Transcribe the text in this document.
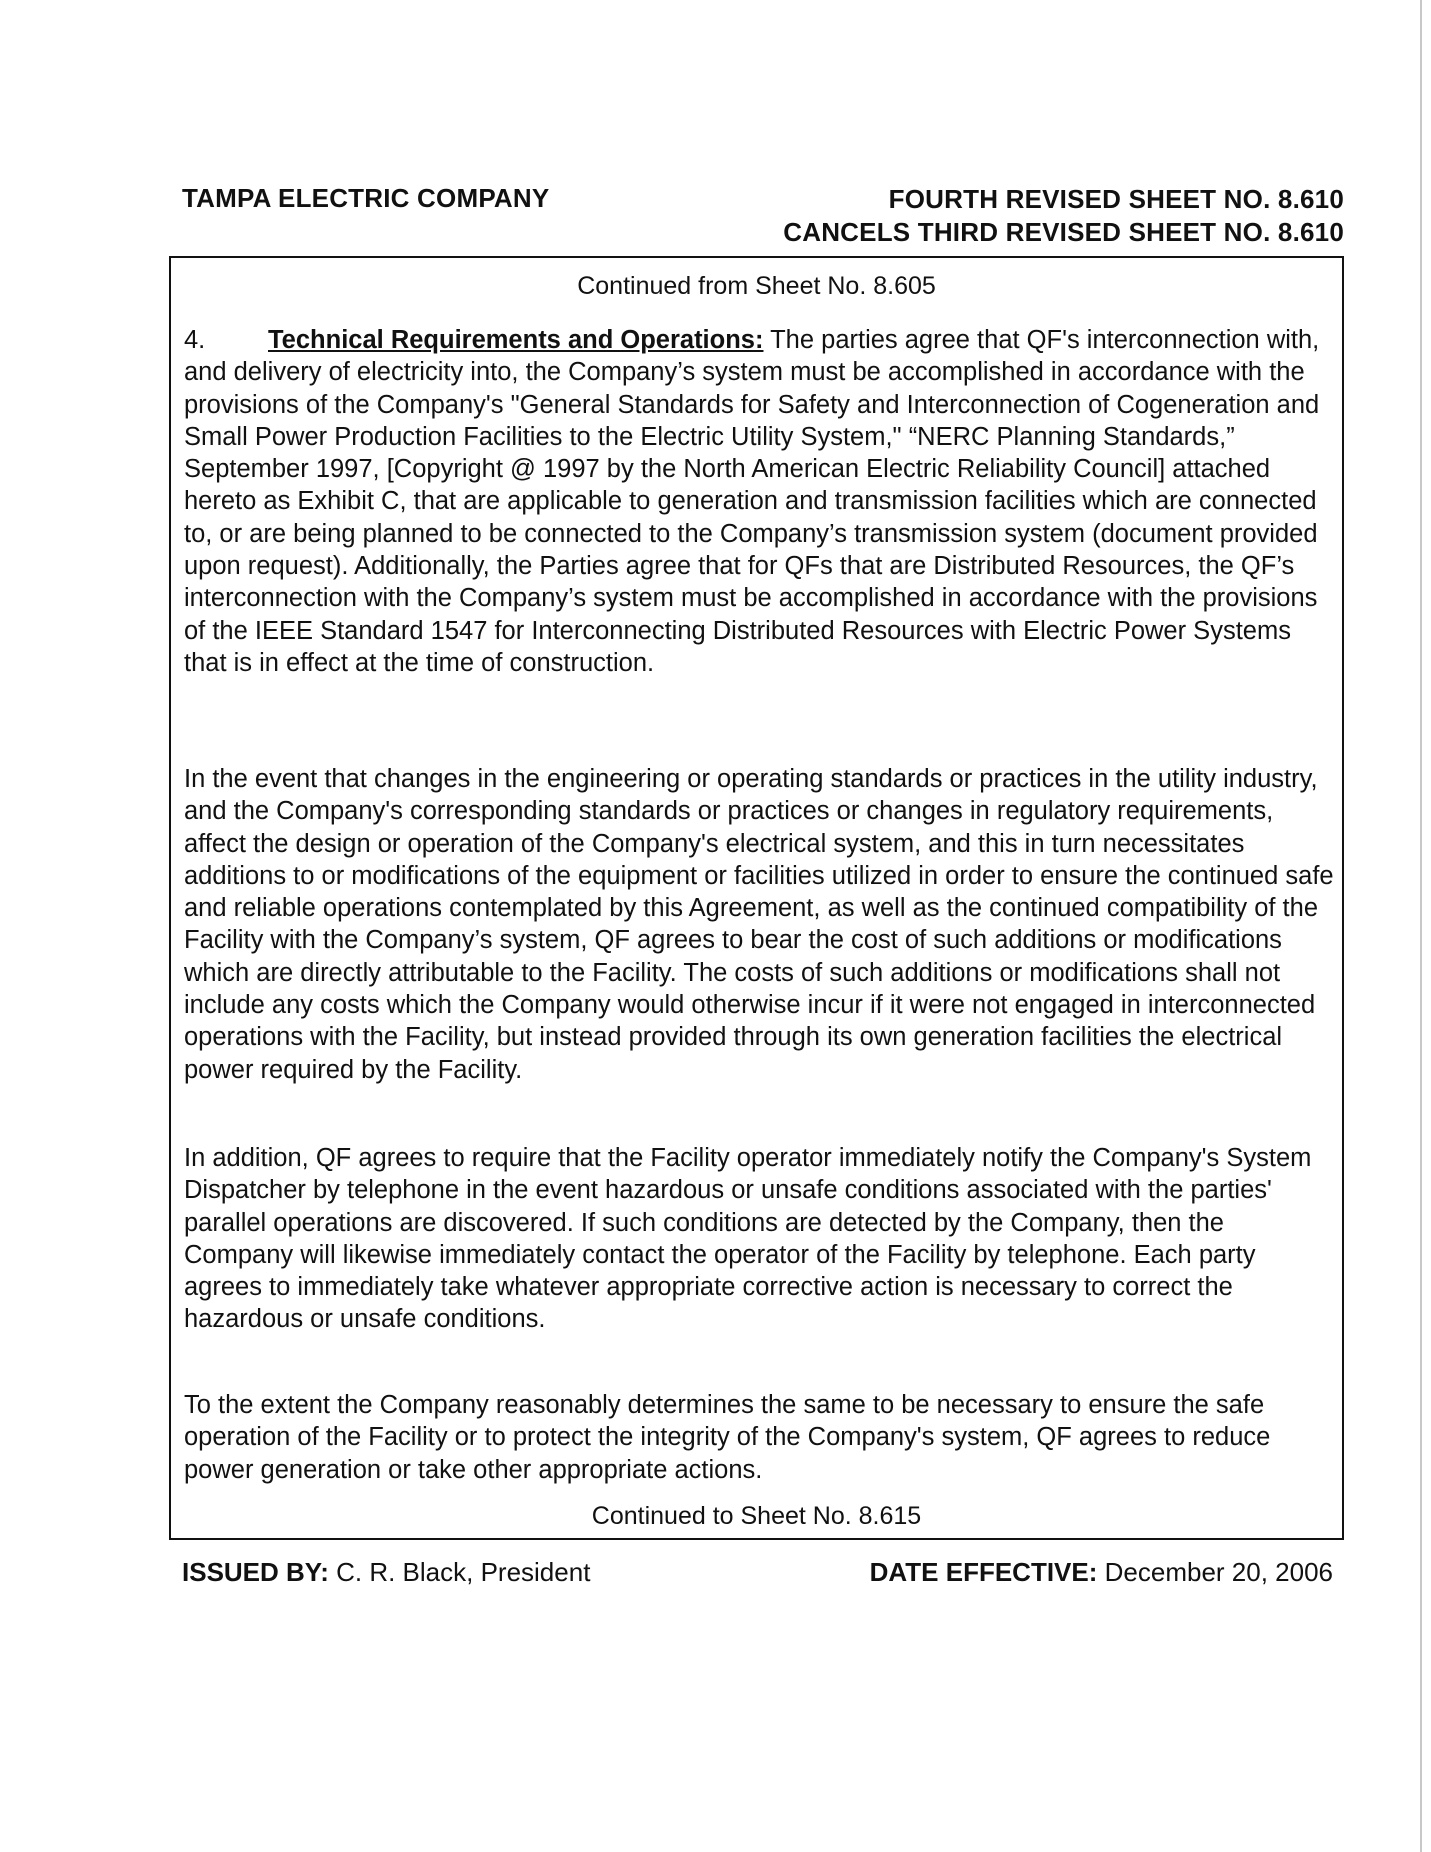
TAMPA ELECTRIC COMPANY	FOURTH REVISED SHEET NO. 8.610
CANCELS THIRD REVISED SHEET NO. 8.610
Continued from Sheet No. 8.605
4. Technical Requirements and Operations: The parties agree that QF's interconnection with, and delivery of electricity into, the Company’s system must be accomplished in accordance with the provisions of the Company's "General Standards for Safety and Interconnection of Cogeneration and Small Power Production Facilities to the Electric Utility System," “NERC Planning Standards,” September 1997, [Copyright @ 1997 by the North American Electric Reliability Council] attached hereto as Exhibit C, that are applicable to generation and transmission facilities which are connected to, or are being planned to be connected to the Company’s transmission system (document provided upon request). Additionally, the Parties agree that for QFs that are Distributed Resources, the QF’s interconnection with the Company’s system must be accomplished in accordance with the provisions of the IEEE Standard 1547 for Interconnecting Distributed Resources with Electric Power Systems that is in effect at the time of construction.
In the event that changes in the engineering or operating standards or practices in the utility industry, and the Company's corresponding standards or practices or changes in regulatory requirements, affect the design or operation of the Company's electrical system, and this in turn necessitates additions to or modifications of the equipment or facilities utilized in order to ensure the continued safe and reliable operations contemplated by this Agreement, as well as the continued compatibility of the Facility with the Company’s system, QF agrees to bear the cost of such additions or modifications which are directly attributable to the Facility. The costs of such additions or modifications shall not include any costs which the Company would otherwise incur if it were not engaged in interconnected operations with the Facility, but instead provided through its own generation facilities the electrical power required by the Facility.
In addition, QF agrees to require that the Facility operator immediately notify the Company's System Dispatcher by telephone in the event hazardous or unsafe conditions associated with the parties' parallel operations are discovered. If such conditions are detected by the Company, then the Company will likewise immediately contact the operator of the Facility by telephone. Each party agrees to immediately take whatever appropriate corrective action is necessary to correct the hazardous or unsafe conditions.
To the extent the Company reasonably determines the same to be necessary to ensure the safe operation of the Facility or to protect the integrity of the Company's system, QF agrees to reduce power generation or take other appropriate actions.
Continued to Sheet No. 8.615
ISSUED BY: C. R. Black, President	DATE EFFECTIVE: December 20, 2006
